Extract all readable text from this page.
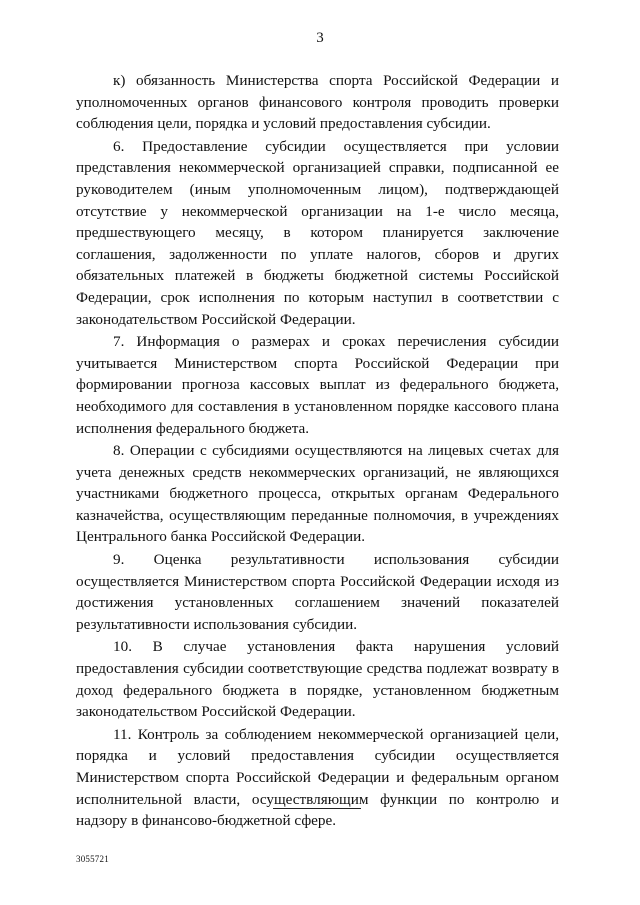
3

к) обязанность Министерства спорта Российской Федерации и уполномоченных органов финансового контроля проводить проверки соблюдения цели, порядка и условий предоставления субсидии.

6. Предоставление субсидии осуществляется при условии представления некоммерческой организацией справки, подписанной ее руководителем (иным уполномоченным лицом), подтверждающей отсутствие у некоммерческой организации на 1-е число месяца, предшествующего месяцу, в котором планируется заключение соглашения, задолженности по уплате налогов, сборов и других обязательных платежей в бюджеты бюджетной системы Российской Федерации, срок исполнения по которым наступил в соответствии с законодательством Российской Федерации.

7. Информация о размерах и сроках перечисления субсидии учитывается Министерством спорта Российской Федерации при формировании прогноза кассовых выплат из федерального бюджета, необходимого для составления в установленном порядке кассового плана исполнения федерального бюджета.

8. Операции с субсидиями осуществляются на лицевых счетах для учета денежных средств некоммерческих организаций, не являющихся участниками бюджетного процесса, открытых органам Федерального казначейства, осуществляющим переданные полномочия, в учреждениях Центрального банка Российской Федерации.

9. Оценка результативности использования субсидии осуществляется Министерством спорта Российской Федерации исходя из достижения установленных соглашением значений показателей результативности использования субсидии.

10. В случае установления факта нарушения условий предоставления субсидии соответствующие средства подлежат возврату в доход федерального бюджета в порядке, установленном бюджетным законодательством Российской Федерации.

11. Контроль за соблюдением некоммерческой организацией цели, порядка и условий предоставления субсидии осуществляется Министерством спорта Российской Федерации и федеральным органом исполнительной власти, осуществляющим функции по контролю и надзору в финансово-бюджетной сфере.

3055721
